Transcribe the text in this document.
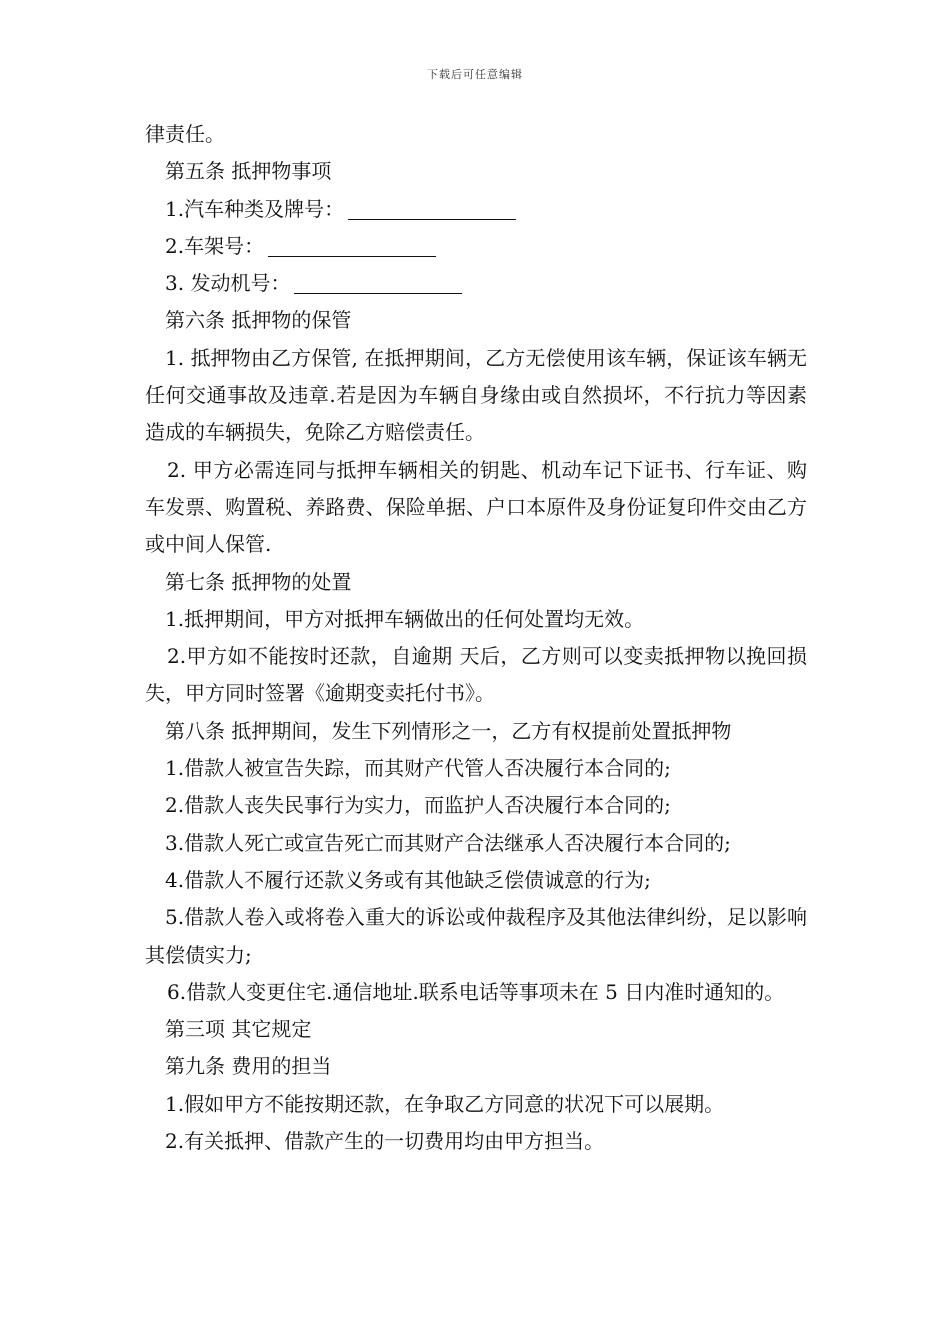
下载后可任意编辑
律责任。
第五条 抵押物事项
1.汽车种类及牌号：
2.车架号：
3. 发动机号：
第六条 抵押物的保管
1. 抵押物由乙方保管, 在抵押期间，乙方无偿使用该车辆，保证该车辆无任何交通事故及违章.若是因为车辆自身缘由或自然损坏，不行抗力等因素造成的车辆损失，免除乙方赔偿责任。
2. 甲方必需连同与抵押车辆相关的钥匙、机动车记下证书、行车证、购车发票、购置税、养路费、保险单据、户口本原件及身份证复印件交由乙方或中间人保管.
第七条 抵押物的处置
1.抵押期间，甲方对抵押车辆做出的任何处置均无效。
2.甲方如不能按时还款，自逾期 天后，乙方则可以变卖抵押物以挽回损失，甲方同时签署《逾期变卖托付书》。
第八条 抵押期间，发生下列情形之一，乙方有权提前处置抵押物
1.借款人被宣告失踪，而其财产代管人否决履行本合同的;
2.借款人丧失民事行为实力，而监护人否决履行本合同的;
3.借款人死亡或宣告死亡而其财产合法继承人否决履行本合同的;
4.借款人不履行还款义务或有其他缺乏偿债诚意的行为;
5.借款人卷入或将卷入重大的诉讼或仲裁程序及其他法律纠纷，足以影响其偿债实力;
6.借款人变更住宅.通信地址.联系电话等事项未在 5 日内准时通知的。
第三项 其它规定
第九条 费用的担当
1.假如甲方不能按期还款，在争取乙方同意的状况下可以展期。
2.有关抵押、借款产生的一切费用均由甲方担当。
